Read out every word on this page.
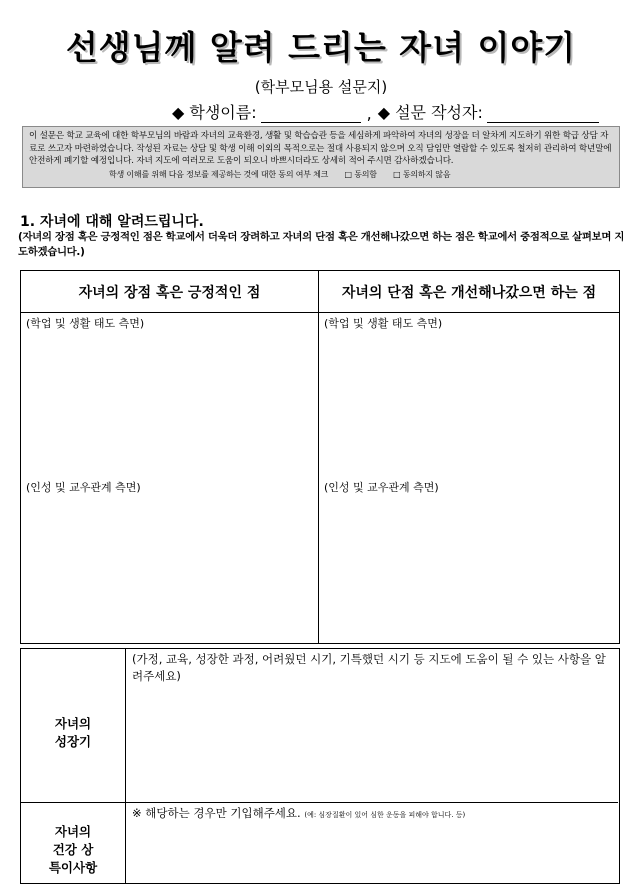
선생님께 알려 드리는 자녀 이야기
(학부모님용 설문지)
◆ 학생이름:	, ◆ 설문 작성자:
이 설문은 학교 교육에 대한 학부모님의 바람과 자녀의 교육환경, 생활 및 학습습관 등을 세심하게 파악하여 자녀의 성장을 더 알차게 지도하기 위한 학급 상담 자료로 쓰고자 마련하였습니다. 작성된 자료는 상담 및 학생 이해 이외의 목적으로는 절대 사용되지 않으며 오직 담임만 열람할 수 있도록 철저히 관리하여 학년말에 안전하게 폐기할 예정입니다. 자녀 지도에 여러모로 도움이 되오니 바쁘시더라도 상세히 적어 주시면 감사하겠습니다.
학생 이해를 위해 다음 정보를 제공하는 것에 대한 동의 여부 체크 □ 동의함 □ 동의하지 않음
1. 자녀에 대해 알려드립니다.
(자녀의 장점 혹은 긍정적인 점은 학교에서 더욱더 장려하고 자녀의 단점 혹은 개선해나갔으면 하는 점은 학교에서 중점적으로 살펴보며 지도하겠습니다.)
자녀의 장점 혹은 긍정적인 점	자녀의 단점 혹은 개선해나갔으면 하는 점
(학업 및 생활 태도 측면)
(인성 및 교우관계 측면)
(학업 및 생활 태도 측면)
(인성 및 교우관계 측면)
자녀의
성장기
(가정, 교육, 성장한 과정, 어려웠던 시기, 기특했던 시기 등 지도에 도움이 될 수 있는 사항을 알려주세요)
자녀의
건강 상
특이사항
※ 해당하는 경우만 기입해주세요. (예: 심장질환이 있어 심한 운동을 피해야 합니다. 등)
